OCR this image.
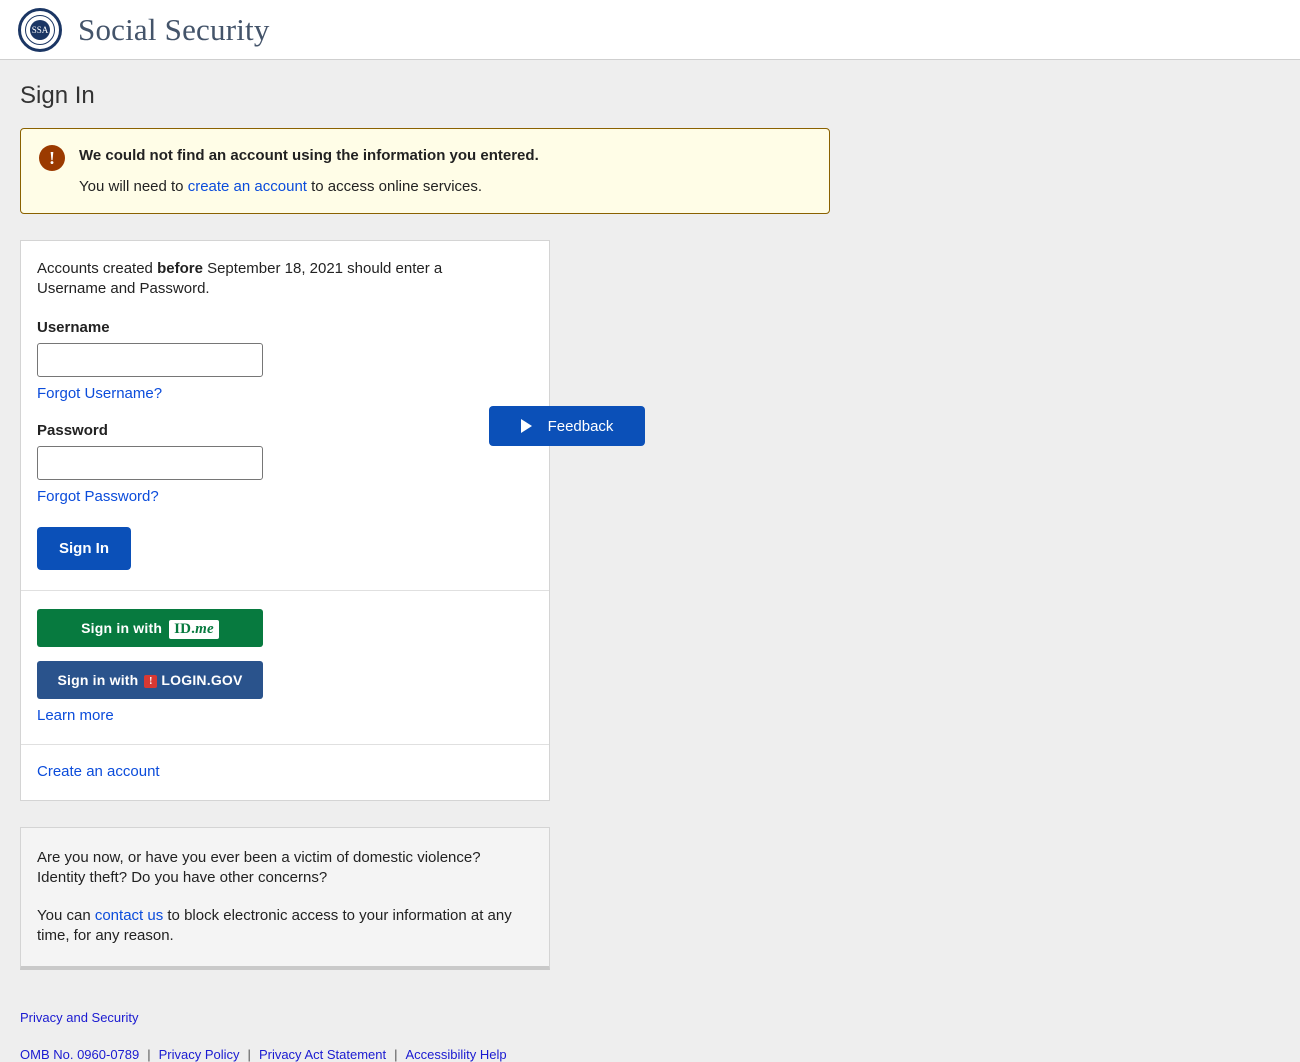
SSA Social Security
Sign In
!	We could not find an account using the information you entered.
You will need to create an account to access online services.

Accounts created before September 18, 2021 should enter a Username and Password.

Username
Forgot Username?
Password
Forgot Password?
Sign In
Sign in with ID.me
Sign in with ! LOGIN.GOV
Learn more
Create an account

Are you now, or have you ever been a victim of domestic violence? Identity theft? Do you have other concerns?

You can contact us to block electronic access to your information at any time, for any reason.

Privacy and Security
OMB No. 0960-0789 | Privacy Policy | Privacy Act Statement | Accessibility Help
Feedback
